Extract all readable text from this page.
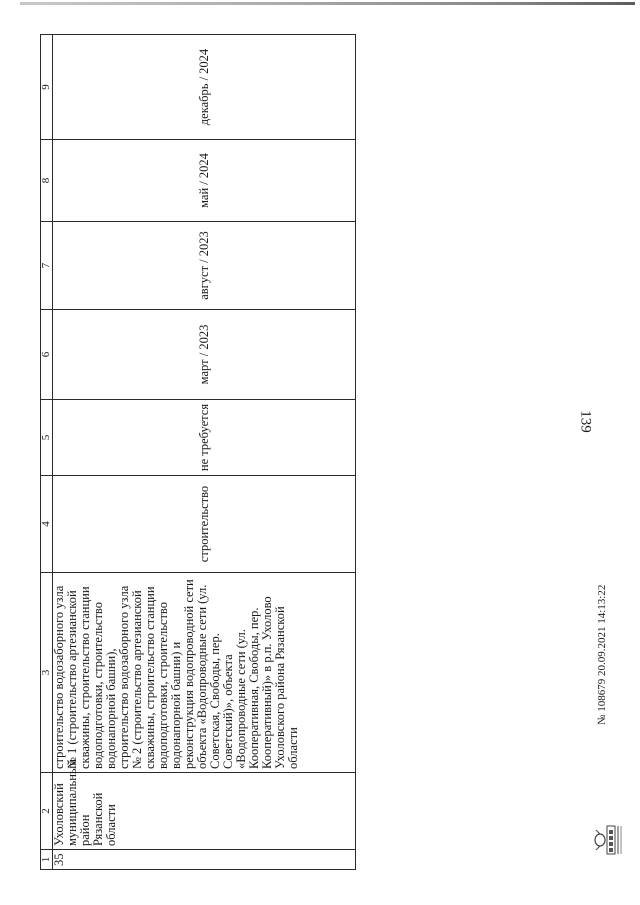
139
1	2	3	4	5	6	7	8	9
35	Ухоловский муниципальный район Рязанской области	строительство водозаборного узла № 1 (строительство артезианской скважины, строительство станции водоподготовки, строительство водонапорной башни), строительство водозаборного узла № 2 (строительство артезианской скважины, строительство станции водоподготовки, строительство водонапорной башни) и реконструкция водопроводной сети объекта «Водопроводные сети (ул. Советская, Свободы, пер. Советский)», объекта «Водопроводные сети (ул. Кооперативная, Свободы, пер. Кооперативный)» в р.п. Ухолово Ухоловского района Рязанской области	строительство	не требуется	март / 2023	август / 2023	май / 2024	декабрь / 2024
№ 108679 20.09.2021 14:13:22
